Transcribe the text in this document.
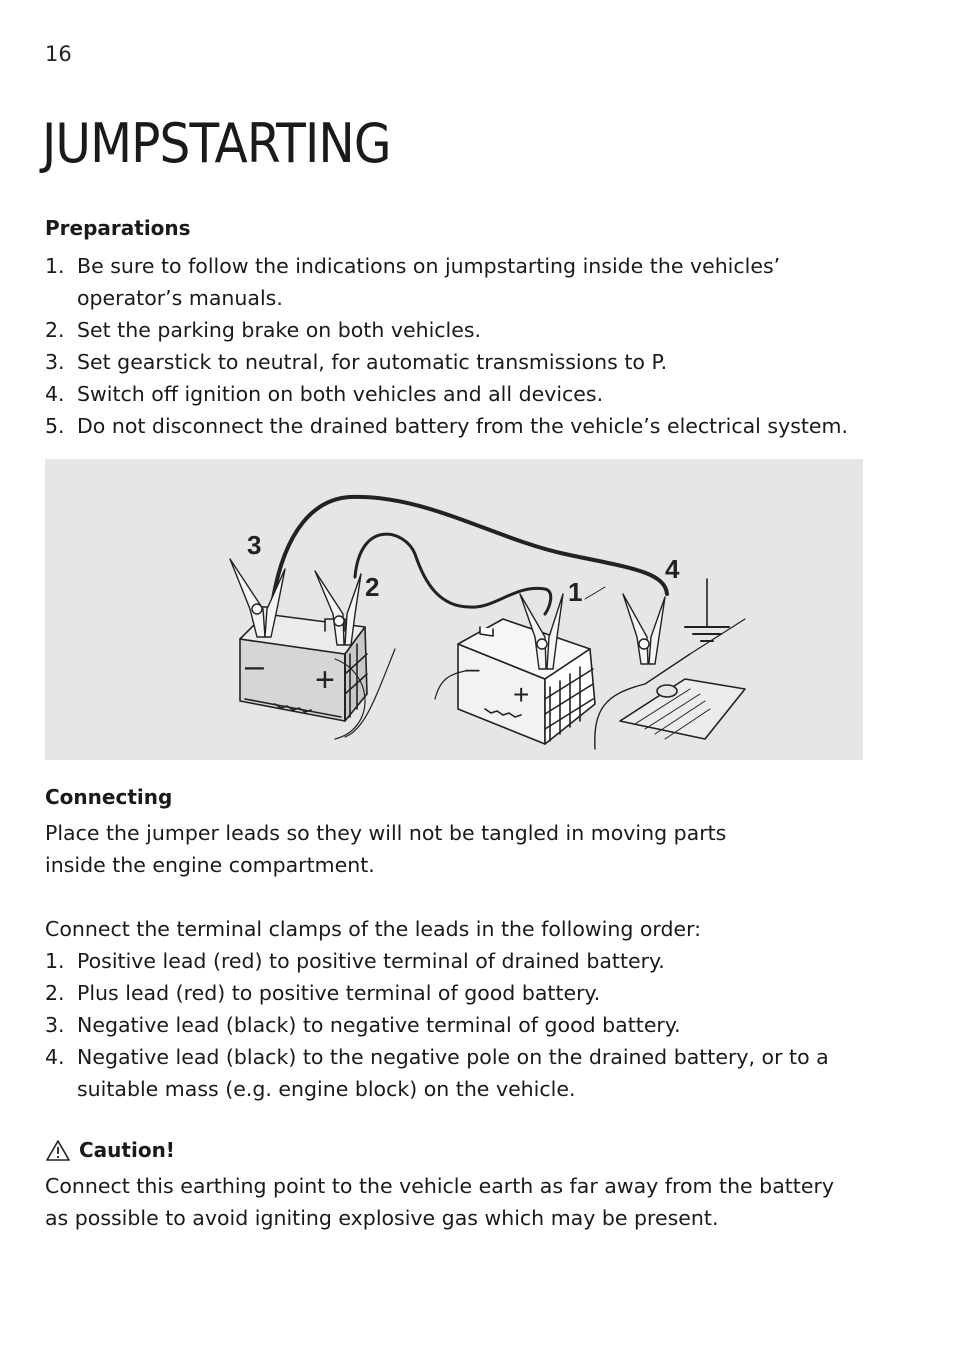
16
JUMPSTARTING
Preparations
1. Be sure to follow the indications on jumpstarting inside the vehicles’ operator’s manuals.
2. Set the parking brake on both vehicles.
3. Set gearstick to neutral, for automatic transmissions to P.
4. Switch off ignition on both vehicles and all devices.
5. Do not disconnect the drained battery from the vehicle’s electrical system.
– +	–
+
3
2	1
4
Connecting

Place the jumper leads so they will not be tangled in moving parts inside the engine compartment.

Connect the terminal clamps of the leads in the following order:

1. Positive lead (red) to positive terminal of drained battery.
2. Plus lead (red) to positive terminal of good battery.
3. Negative lead (black) to negative terminal of good battery.
4. Negative lead (black) to the negative pole on the drained battery, or to a suitable mass (e.g. engine block) on the vehicle.
Caution!

Connect this earthing point to the vehicle earth as far away from the battery as possible to avoid igniting explosive gas which may be present.
